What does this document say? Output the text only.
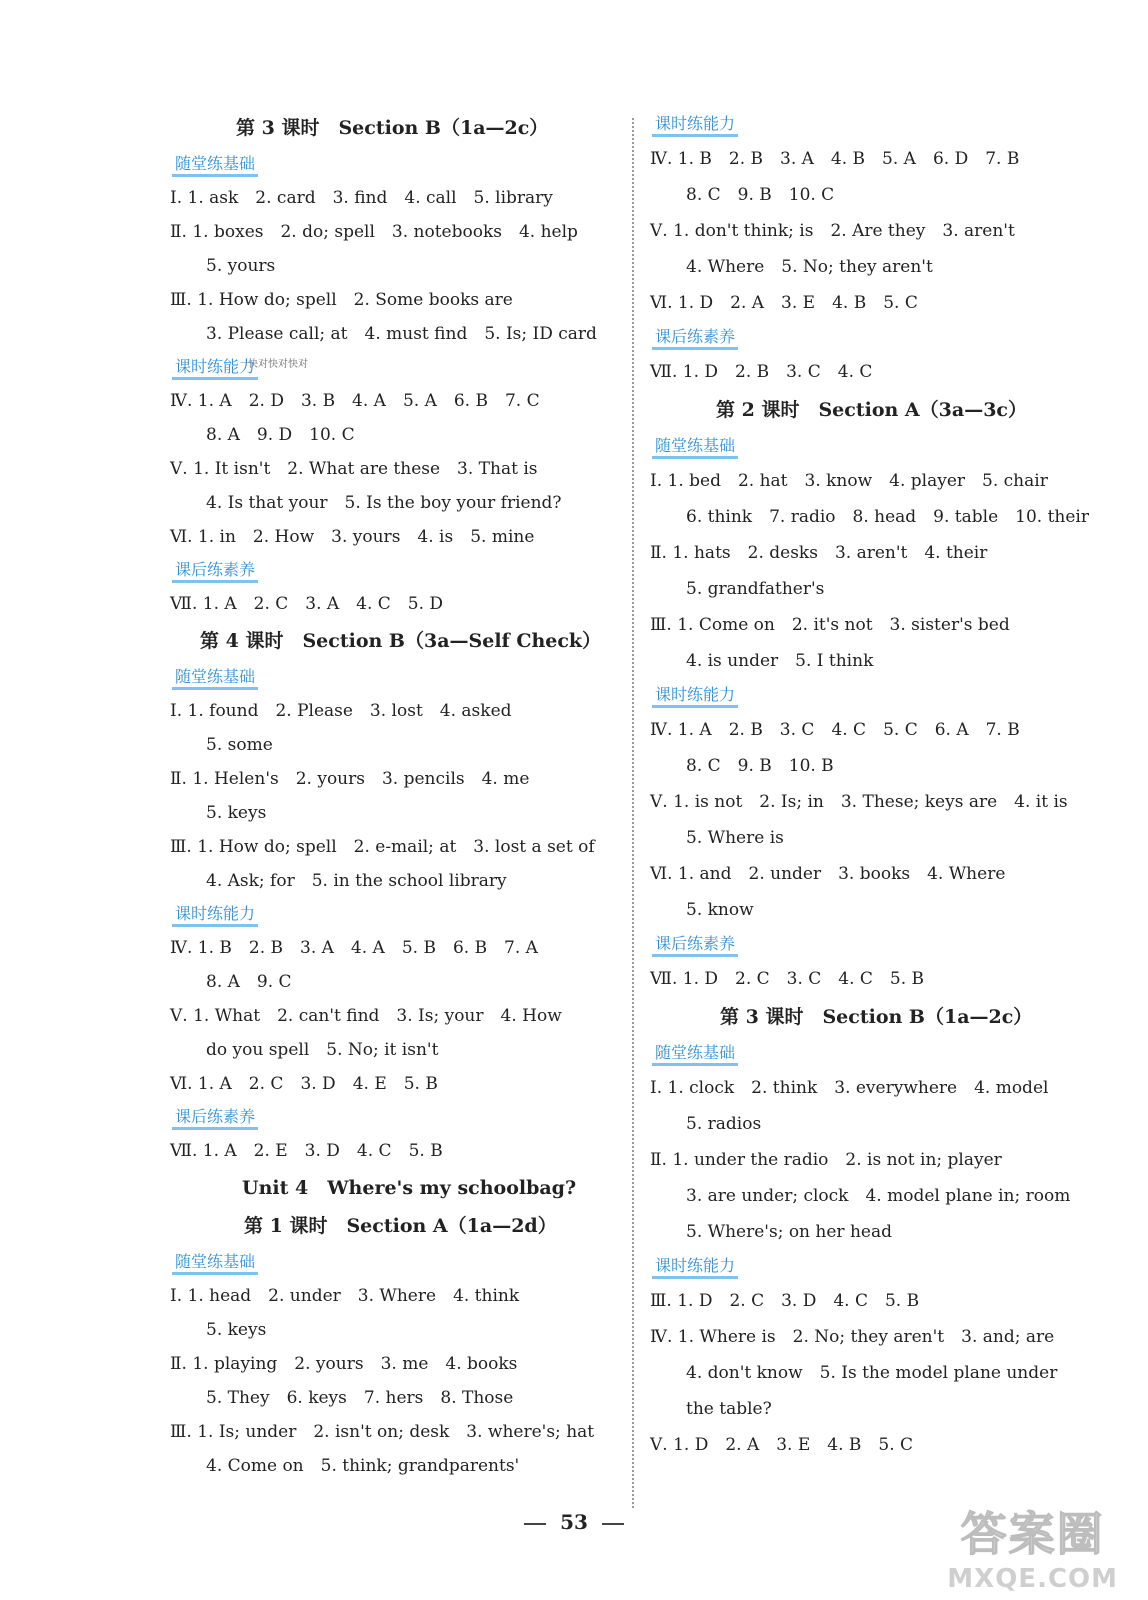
第 3 课时　Section B（1a—2c）
随堂练基础
Ⅰ. 1. ask　2. card　3. find　4. call　5. library
Ⅱ. 1. boxes　2. do; spell　3. notebooks　4. help
5. yours
Ⅲ. 1. How do; spell　2. Some books are
3. Please call; at　4. must find　5. Is; ID card
课时练能力
Ⅳ. 1. A　2. D　3. B　4. A　5. A　6. B　7. C
8. A　9. D　10. C
Ⅴ. 1. It isn't　2. What are these　3. That is
4. Is that your　5. Is the boy your friend?
Ⅵ. 1. in　2. How　3. yours　4. is　5. mine
课后练素养
Ⅶ. 1. A　2. C　3. A　4. C　5. D
第 4 课时　Section B（3a—Self Check）
随堂练基础
Ⅰ. 1. found　2. Please　3. lost　4. asked
5. some
Ⅱ. 1. Helen's　2. yours　3. pencils　4. me
5. keys
Ⅲ. 1. How do; spell　2. e-mail; at　3. lost a set of
4. Ask; for　5. in the school library
课时练能力
Ⅳ. 1. B　2. B　3. A　4. A　5. B　6. B　7. A
8. A　9. C
Ⅴ. 1. What　2. can't find　3. Is; your　4. How
do you spell　5. No; it isn't
Ⅵ. 1. A　2. C　3. D　4. E　5. B
课后练素养
Ⅶ. 1. A　2. E　3. D　4. C　5. B
Unit 4　Where's my schoolbag?
第 1 课时　Section A（1a—2d）
随堂练基础
Ⅰ. 1. head　2. under　3. Where　4. think
5. keys
Ⅱ. 1. playing　2. yours　3. me　4. books
5. They　6. keys　7. hers　8. Those
Ⅲ. 1. Is; under　2. isn't on; desk　3. where's; hat
4. Come on　5. think; grandparents'
课时练能力
Ⅳ. 1. B　2. B　3. A　4. B　5. A　6. D　7. B
8. C　9. B　10. C
Ⅴ. 1. don't think; is　2. Are they　3. aren't
4. Where　5. No; they aren't
Ⅵ. 1. D　2. A　3. E　4. B　5. C
课后练素养
Ⅶ. 1. D　2. B　3. C　4. C
第 2 课时　Section A（3a—3c）
随堂练基础
Ⅰ. 1. bed　2. hat　3. know　4. player　5. chair
6. think　7. radio　8. head　9. table　10. their
Ⅱ. 1. hats　2. desks　3. aren't　4. their
5. grandfather's
Ⅲ. 1. Come on　2. it's not　3. sister's bed
4. is under　5. I think
课时练能力
Ⅳ. 1. A　2. B　3. C　4. C　5. C　6. A　7. B
8. C　9. B　10. B
Ⅴ. 1. is not　2. Is; in　3. These; keys are　4. it is
5. Where is
Ⅵ. 1. and　2. under　3. books　4. Where
5. know
课后练素养
Ⅶ. 1. D　2. C　3. C　4. C　5. B
第 3 课时　Section B（1a—2c）
随堂练基础
Ⅰ. 1. clock　2. think　3. everywhere　4. model
5. radios
Ⅱ. 1. under the radio　2. is not in; player
3. are under; clock　4. model plane in; room
5. Where's; on her head
课时练能力
Ⅲ. 1. D　2. C　3. D　4. C　5. B
Ⅳ. 1. Where is　2. No; they aren't　3. and; are
4. don't know　5. Is the model plane under
the table?
Ⅴ. 1. D　2. A　3. E　4. B　5. C
快对快对快对
53	答案圈
MXQE.COM
